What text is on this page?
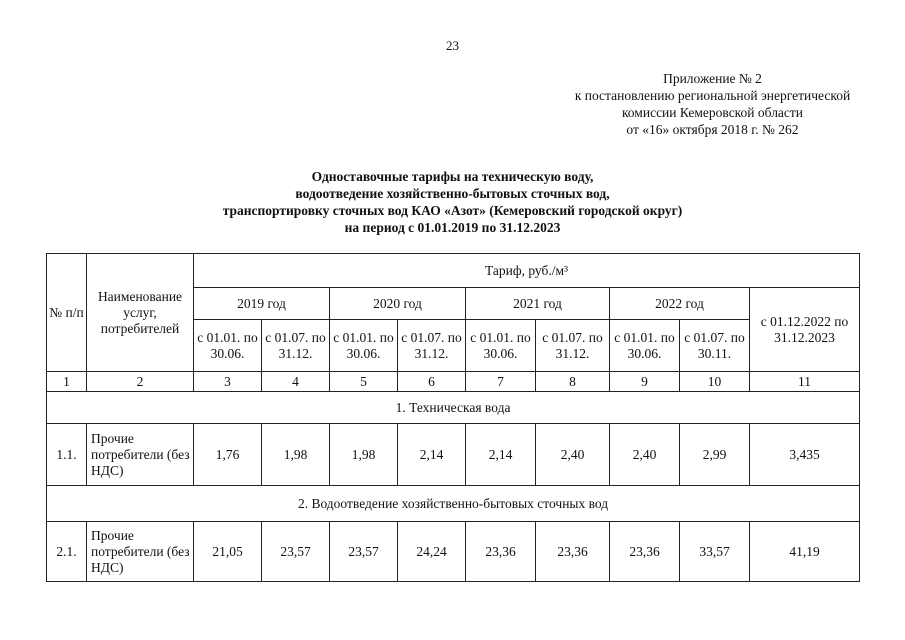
23
Приложение № 2
к постановлению региональной энергетической
комиссии Кемеровской области
от «16» октября 2018 г. № 262
Одноставочные тарифы на техническую воду,
водоотведение хозяйственно-бытовых сточных вод,
транспортировку сточных вод КАО «Азот» (Кемеровский городской округ)
на период с 01.01.2019 по 31.12.2023
№ п/п	Наименование услуг, потребителей	Тариф, руб./м³								
		2019 год		2020 год		2021 год		2022 год		с 01.12.2022 по 31.12.2023
		с 01.01. по 30.06.	с 01.07. по 31.12.	с 01.01. по 30.06.	с 01.07. по 31.12.	с 01.01. по 30.06.	с 01.07. по 31.12.	с 01.01. по 30.06.	с 01.07. по 30.11.	
1	2	3	4	5	6	7	8	9	10	11
1. Техническая вода										
1.1.	Прочие потребители (без НДС)	1,76	1,98	1,98	2,14	2,14	2,40	2,40	2,99	3,435
2. Водоотведение хозяйственно-бытовых сточных вод										
2.1.	Прочие потребители (без НДС)	21,05	23,57	23,57	24,24	23,36	23,36	23,36	33,57	41,19
